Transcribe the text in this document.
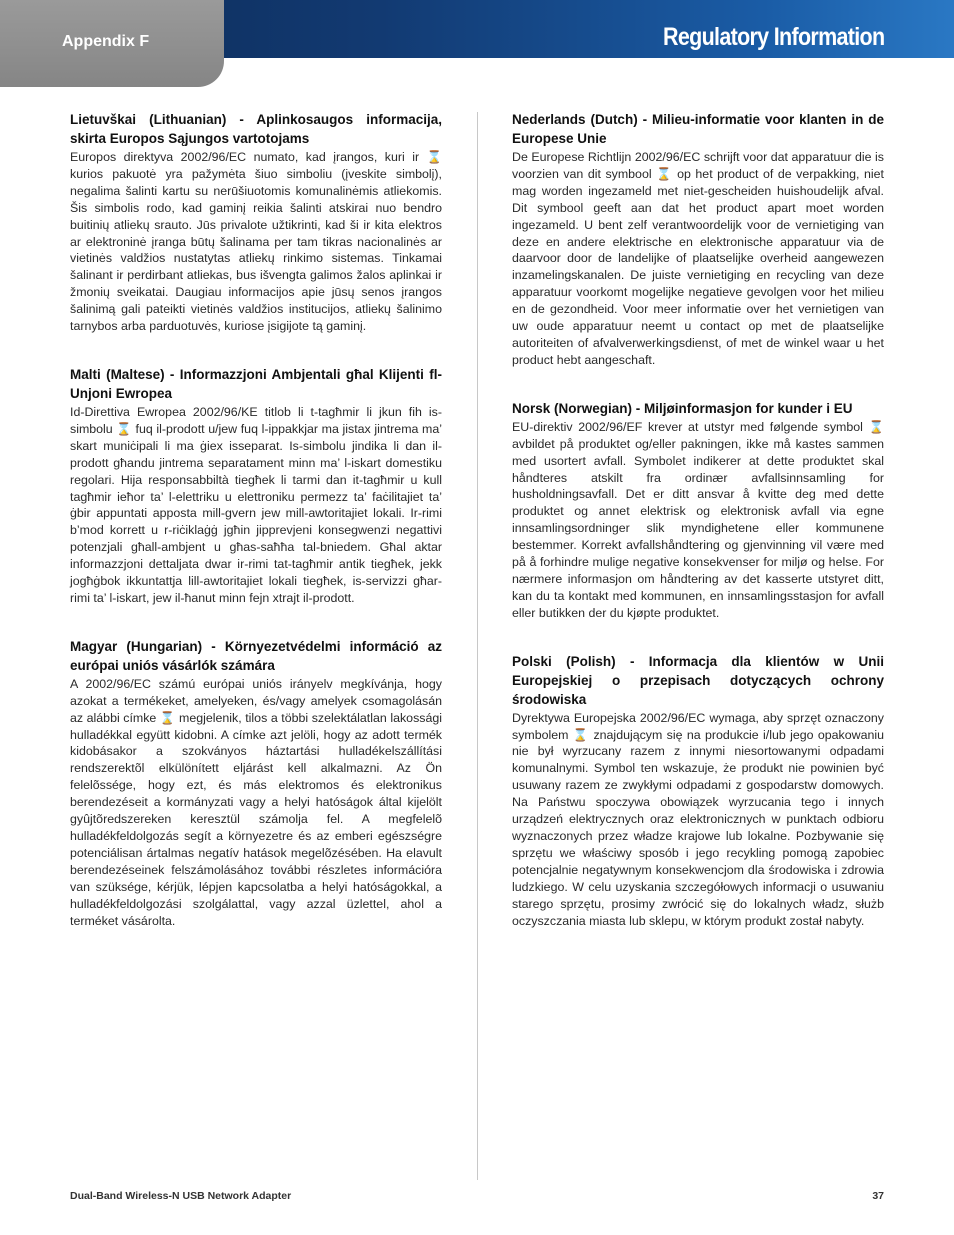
Appendix F	Regulatory Information
Lietuvškai (Lithuanian) - Aplinkosaugos informacija, skirta Europos Sąjungos vartotojams

Europos direktyva 2002/96/EC numato, kad įrangos, kuri ir ⌛ kurios pakuotė yra pažymėta šiuo simboliu (įveskite simbolį), negalima šalinti kartu su nerūšiuotomis komunalinėmis atliekomis. Šis simbolis rodo, kad gaminį reikia šalinti atskirai nuo bendro buitinių atliekų srauto. Jūs privalote užtikrinti, kad ši ir kita elektros ar elektroninė įranga būtų šalinama per tam tikras nacionalinės ar vietinės valdžios nustatytas atliekų rinkimo sistemas. Tinkamai šalinant ir perdirbant atliekas, bus išvengta galimos žalos aplinkai ir žmonių sveikatai. Daugiau informacijos apie jūsų senos įrangos šalinimą gali pateikti vietinės valdžios institucijos, atliekų šalinimo tarnybos arba parduotuvės, kuriose įsigijote tą gaminį.

Malti (Maltese) - Informazzjoni Ambjentali għal Klijenti fl-Unjoni Ewropea

Id-Direttiva Ewropea 2002/96/KE titlob li t-tagħmir li jkun fih is-simbolu ⌛ fuq il-prodott u/jew fuq l-ippakkjar ma jistax jintrema ma’ skart muniċipali li ma ġiex isseparat. Is-simbolu jindika li dan il-prodott għandu jintrema separatament minn ma’ l-iskart domestiku regolari. Hija responsabbiltà tiegħek li tarmi dan it-tagħmir u kull tagħmir ieħor ta’ l-elettriku u elettroniku permezz ta’ faċilitajiet ta’ ġbir appuntati apposta mill-gvern jew mill-awtoritajiet lokali. Ir-rimi b’mod korrett u r-riċiklaġġ jgħin jipprevjeni konsegwenzi negattivi potenzjali għall-ambjent u għas-saħħa tal-bniedem. Għal aktar informazzjoni dettaljata dwar ir-rimi tat-tagħmir antik tiegħek, jekk jogħġbok ikkuntattja lill-awtoritajiet lokali tiegħek, is-servizzi għar-rimi ta’ l-iskart, jew il-ħanut minn fejn xtrajt il-prodott.

Magyar (Hungarian) - Környezetvédelmi információ az európai uniós vásárlók számára

A 2002/96/EC számú európai uniós irányelv megkívánja, hogy azokat a termékeket, amelyeken, és/vagy amelyek csomagolásán az alábbi címke ⌛ megjelenik, tilos a többi szelektálatlan lakossági hulladékkal együtt kidobni. A címke azt jelöli, hogy az adott termék kidobásakor a szokványos háztartási hulladékelszállítási rendszerektõl elkülönített eljárást kell alkalmazni. Az Ön felelõssége, hogy ezt, és más elektromos és elektronikus berendezéseit a kormányzati vagy a helyi hatóságok által kijelölt gyûjtõredszereken keresztül számolja fel. A megfelelõ hulladékfeldolgozás segít a környezetre és az emberi egészségre potenciálisan ártalmas negatív hatások megelõzésében. Ha elavult berendezéseinek felszámolásához további részletes információra van szüksége, kérjük, lépjen kapcsolatba a helyi hatóságokkal, a hulladékfeldolgozási szolgálattal, vagy azzal üzlettel, ahol a terméket vásárolta.

Nederlands (Dutch) - Milieu-informatie voor klanten in de Europese Unie

De Europese Richtlijn 2002/96/EC schrijft voor dat apparatuur die is voorzien van dit symbool ⌛ op het product of de verpakking, niet mag worden ingezameld met niet-gescheiden huishoudelijk afval. Dit symbool geeft aan dat het product apart moet worden ingezameld. U bent zelf verantwoordelijk voor de vernietiging van deze en andere elektrische en elektronische apparatuur via de daarvoor door de landelijke of plaatselijke overheid aangewezen inzamelingskanalen. De juiste vernietiging en recycling van deze apparatuur voorkomt mogelijke negatieve gevolgen voor het milieu en de gezondheid. Voor meer informatie over het vernietigen van uw oude apparatuur neemt u contact op met de plaatselijke autoriteiten of afvalverwerkingsdienst, of met de winkel waar u het product hebt aangeschaft.

Norsk (Norwegian) - Miljøinformasjon for kunder i EU

EU-direktiv 2002/96/EF krever at utstyr med følgende symbol ⌛ avbildet på produktet og/eller pakningen, ikke må kastes sammen med usortert avfall. Symbolet indikerer at dette produktet skal håndteres atskilt fra ordinær avfallsinnsamling for husholdningsavfall. Det er ditt ansvar å kvitte deg med dette produktet og annet elektrisk og elektronisk avfall via egne innsamlingsordninger slik myndighetene eller kommunene bestemmer. Korrekt avfallshåndtering og gjenvinning vil være med på å forhindre mulige negative konsekvenser for miljø og helse. For nærmere informasjon om håndtering av det kasserte utstyret ditt, kan du ta kontakt med kommunen, en innsamlingsstasjon for avfall eller butikken der du kjøpte produktet.

Polski (Polish) - Informacja dla klientów w Unii Europejskiej o przepisach dotyczących ochrony środowiska

Dyrektywa Europejska 2002/96/EC wymaga, aby sprzęt oznaczony symbolem ⌛ znajdującym się na produkcie i/lub jego opakowaniu nie był wyrzucany razem z innymi niesortowanymi odpadami komunalnymi. Symbol ten wskazuje, że produkt nie powinien być usuwany razem ze zwykłymi odpadami z gospodarstw domowych. Na Państwu spoczywa obowiązek wyrzucania tego i innych urządzeń elektrycznych oraz elektronicznych w punktach odbioru wyznaczonych przez władze krajowe lub lokalne. Pozbywanie się sprzętu we właściwy sposób i jego recykling pomogą zapobiec potencjalnie negatywnym konsekwencjom dla środowiska i zdrowia ludzkiego. W celu uzyskania szczegółowych informacji o usuwaniu starego sprzętu, prosimy zwrócić się do lokalnych władz, służb oczyszczania miasta lub sklepu, w którym produkt został nabyty.

Dual-Band Wireless-N USB Network Adapter	37
